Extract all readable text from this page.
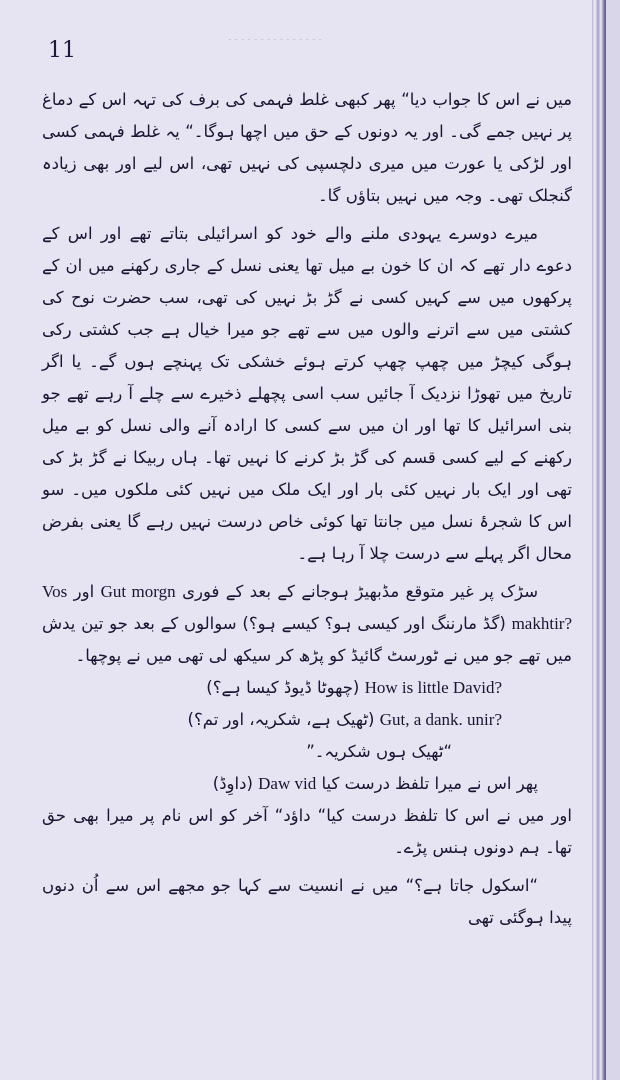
۔۔۔۔۔۔۔۔۔۔۔۔۔۔۔
11

میں نے اس کا جواب دیا“ پھر کبھی غلط فہمی کی برف کی تہہ اس کے دماغ پر نہیں جمے گی۔ اور یہ دونوں کے حق میں اچھا ہوگا۔“ یہ غلط فہمی کسی اور لڑکی یا عورت میں میری دلچسپی کی نہیں تھی، اس لیے اور بھی زیادہ گنجلک تھی۔ وجہ میں نہیں بتاؤں گا۔

میرے دوسرے یہودی ملنے والے خود کو اسرائیلی بتاتے تھے اور اس کے دعوے دار تھے کہ ان کا خون بے میل تھا یعنی نسل کے جاری رکھنے میں ان کے پرکھوں میں سے کہیں کسی نے گڑ بڑ نہیں کی تھی، سب حضرت نوح کی کشتی میں سے اترنے والوں میں سے تھے جو میرا خیال ہے جب کشتی رکی ہوگی کیچڑ میں چھپ چھپ کرتے ہوئے خشکی تک پہنچے ہوں گے۔ یا اگر تاریخ میں تھوڑا نزدیک آ جائیں سب اسی پچھلے ذخیرے سے چلے آ رہے تھے جو بنی اسرائیل کا تھا اور ان میں سے کسی کا ارادہ آنے والی نسل کو بے میل رکھنے کے لیے کسی قسم کی گڑ بڑ کرنے کا نہیں تھا۔ ہاں ربیکا نے گڑ بڑ کی تھی اور ایک بار نہیں کئی بار اور ایک ملک میں نہیں کئی ملکوں میں۔ سو اس کا شجرۂ نسل میں جانتا تھا کوئی خاص درست نہیں رہے گا یعنی بفرض محال اگر پہلے سے درست چلا آ رہا ہے۔

سڑک پر غیر متوقع مڈبھیڑ ہوجانے کے بعد کے فوری Gut morgn اور Vos makhtir? (گڈ مارننگ اور کیسی ہو؟ کیسے ہو؟) سوالوں کے بعد جو تین یدش میں تھے جو میں نے ٹورسٹ گائیڈ کو پڑھ کر سیکھ لی تھی میں نے پوچھا۔

How is little David? (چھوٹا ڈیوڈ کیسا ہے؟)

Gut, a dank. unir? (ٹھیک ہے، شکریہ، اور تم؟)

“ٹھیک ہوں شکریہ۔”

پھر اس نے میرا تلفظ درست کیا Daw vid (داوِڈ)

اور میں نے اس کا تلفظ درست کیا“ داؤد“ آخر کو اس نام پر میرا بھی حق تھا۔ ہم دونوں ہنس پڑے۔

“اسکول جاتا ہے؟“ میں نے انسیت سے کہا جو مجھے اس سے اُن دنوں پیدا ہوگئی تھی
